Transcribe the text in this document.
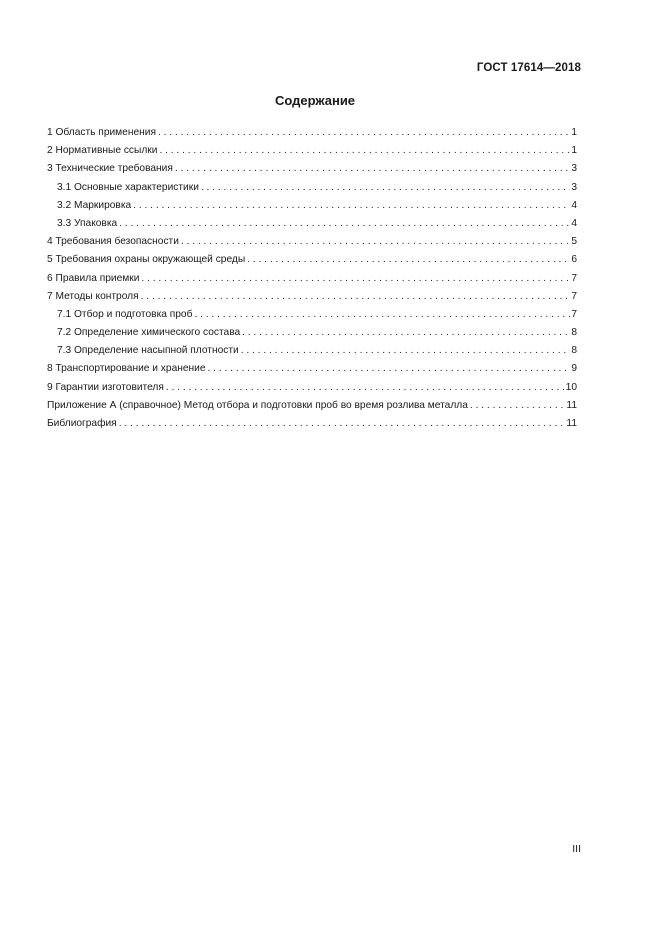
ГОСТ 17614—2018
Содержание
1 Область применения . . .	1
2 Нормативные ссылки . . .	1
3 Технические требования . . .	3
3.1 Основные характеристики . . .	3
3.2 Маркировка . . .	4
3.3 Упаковка . . .	4
4 Требования безопасности . . .	5
5 Требования охраны окружающей среды . . .	6
6 Правила приемки . . .	7
7 Методы контроля . . .	7
7.1 Отбор и подготовка проб . . .	7
7.2 Определение химического состава . . .	8
7.3 Определение насыпной плотности . . .	8
8 Транспортирование и хранение . . .	9
9 Гарантии изготовителя . . .	10
Приложение А (справочное) Метод отбора и подготовки проб во время розлива металла . . .	11
Библиография . . .	11
III
